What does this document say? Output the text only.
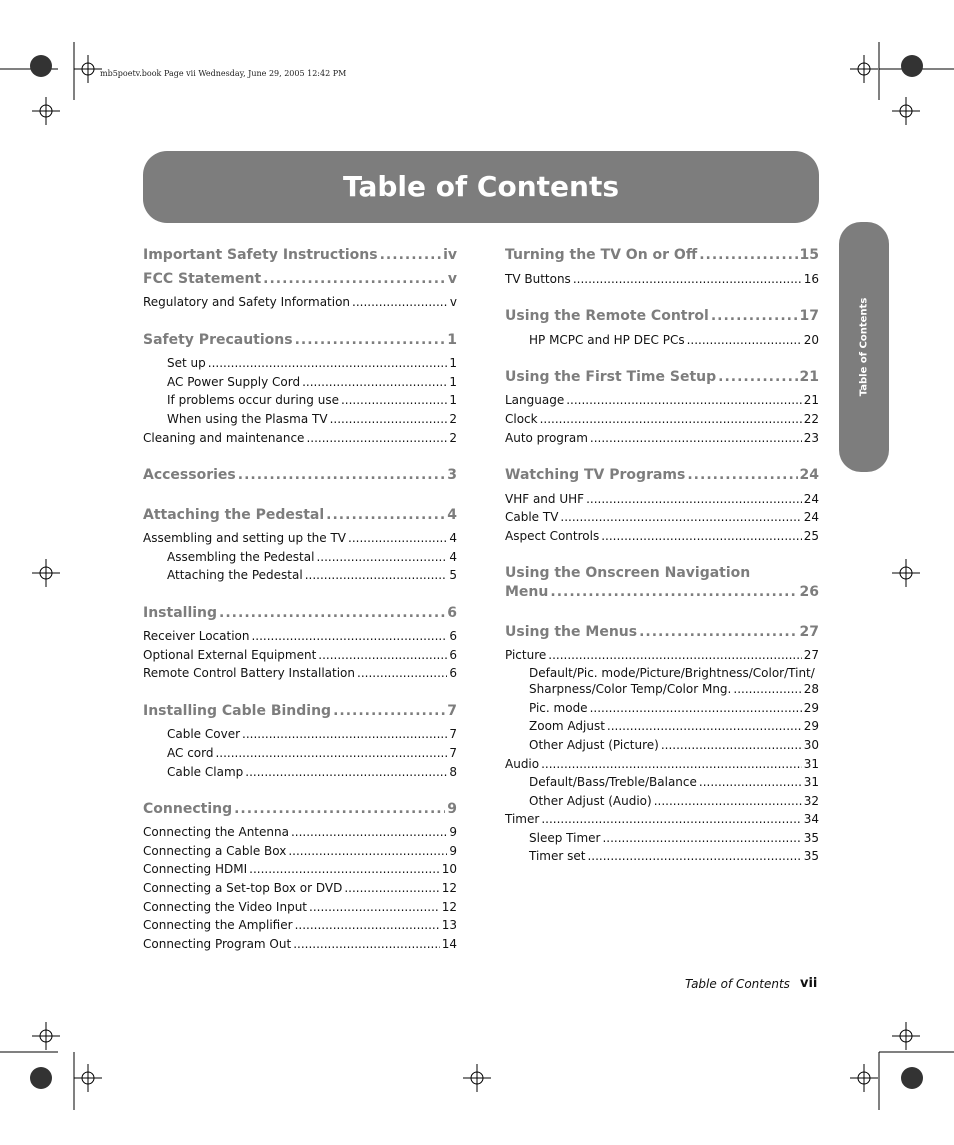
mb5poetv.book Page vii Wednesday, June 29, 2005 12:42 PM
Table of Contents
Table of Contents
Important Safety Instructions .....	iv
FCC Statement .....	v
Regulatory and Safety Information .....	v
Safety Precautions .....	1
Set up .....	1
AC Power Supply Cord .....	1
If problems occur during use .....	1
When using the Plasma TV .....	2
Cleaning and maintenance .....	2
Accessories .....	3
Attaching the Pedestal .....	4
Assembling and setting up the TV .....	4
Assembling the Pedestal .....	4
Attaching the Pedestal .....	5
Installing .....	6
Receiver Location .....	6
Optional External Equipment .....	6
Remote Control Battery Installation .....	6
Installing Cable Binding .....	7
Cable Cover .....	7
AC cord .....	7
Cable Clamp .....	8
Connecting .....	9
Connecting the Antenna .....	9
Connecting a Cable Box .....	9
Connecting HDMI .....	10
Connecting a Set-top Box or DVD .....	12
Connecting the Video Input .....	12
Connecting the Amplifier .....	13
Connecting Program Out .....	14
Turning the TV On or Off .....	15
TV Buttons .....	16
Using the Remote Control .....	17
HP MCPC and HP DEC PCs .....	20
Using the First Time Setup .....	21
Language .....	21
Clock .....	22
Auto program .....	23
Watching TV Programs .....	24
VHF and UHF .....	24
Cable TV .....	24
Aspect Controls .....	25
Using the Onscreen Navigation
Menu .....	26
Using the Menus .....	27
Picture .....	27
Default/Pic. mode/Picture/Brightness/Color/Tint/
Sharpness/Color Temp/Color Mng. .....	28
Pic. mode .....	29
Zoom Adjust .....	29
Other Adjust (Picture) .....	30
Audio .....	31
Default/Bass/Treble/Balance .....	31
Other Adjust (Audio) .....	32
Timer .....	34
Sleep Timer .....	35
Timer set .....	35
Table of Contents vii
